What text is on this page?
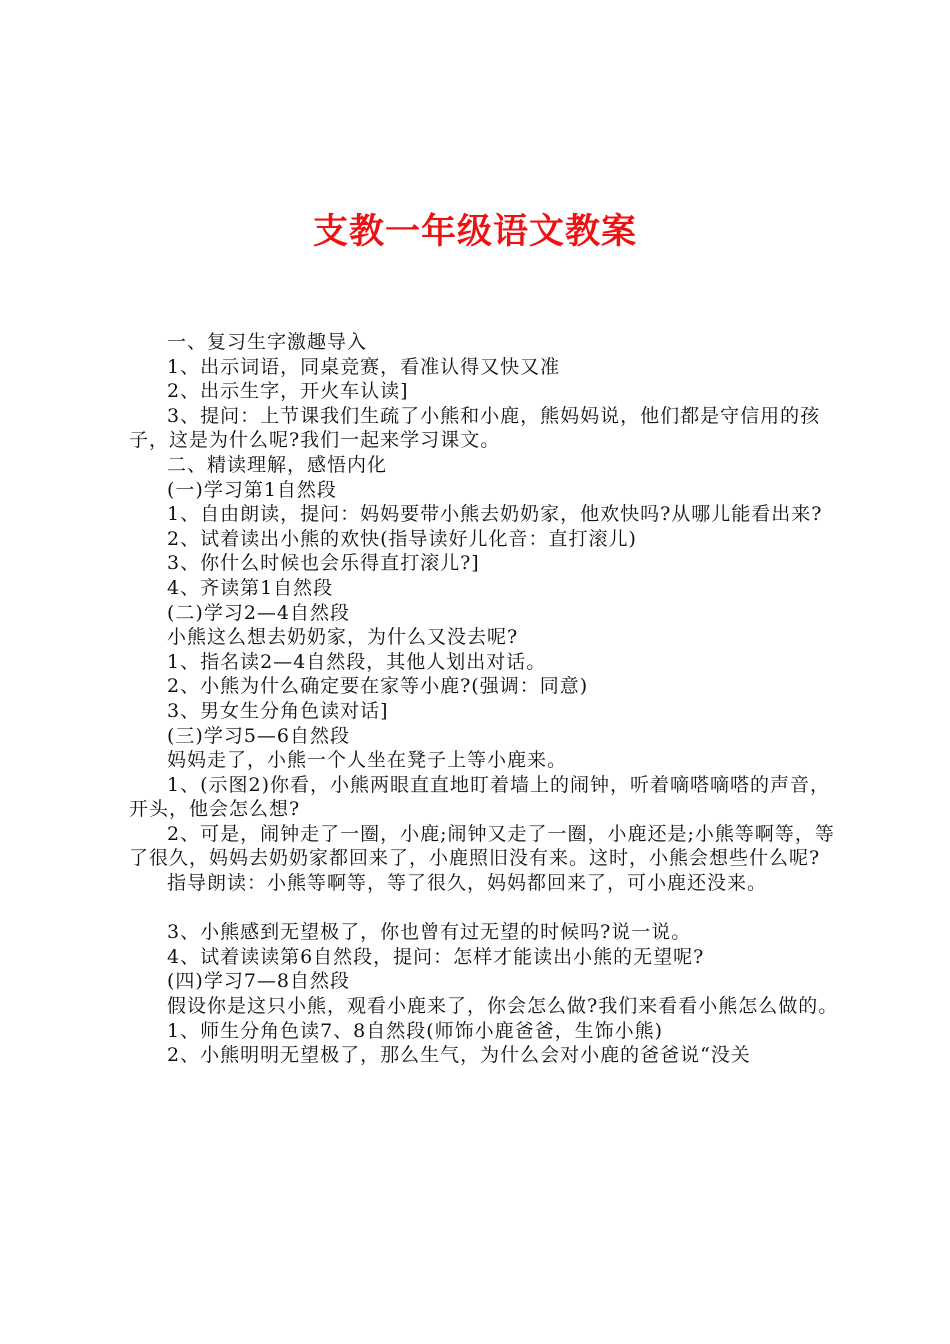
支教一年级语文教案

一、复习生字激趣导入

1、出示词语，同桌竞赛，看准认得又快又准

2、出示生字，开火车认读]

3、提问：上节课我们生疏了小熊和小鹿，熊妈妈说，他们都是守信用的孩子，这是为什么呢?我们一起来学习课文。

二、精读理解，感悟内化

(一)学习第1自然段

1、自由朗读，提问：妈妈要带小熊去奶奶家，他欢快吗?从哪儿能看出来?

2、试着读出小熊的欢快(指导读好儿化音：直打滚儿)

3、你什么时候也会乐得直打滚儿?]

4、齐读第1自然段

(二)学习2—4自然段

小熊这么想去奶奶家，为什么又没去呢?

1、指名读2—4自然段，其他人划出对话。

2、小熊为什么确定要在家等小鹿?(强调：同意)

3、男女生分角色读对话]

(三)学习5—6自然段

妈妈走了，小熊一个人坐在凳子上等小鹿来。

1、(示图2)你看，小熊两眼直直地盯着墙上的闹钟，听着嘀嗒嘀嗒的声音，开头，他会怎么想?

2、可是，闹钟走了一圈，小鹿;闹钟又走了一圈，小鹿还是;小熊等啊等，等了很久，妈妈去奶奶家都回来了，小鹿照旧没有来。这时，小熊会想些什么呢?

指导朗读：小熊等啊等，等了很久，妈妈都回来了，可小鹿还没来。

3、小熊感到无望极了，你也曾有过无望的时候吗?说一说。

4、试着读读第6自然段，提问：怎样才能读出小熊的无望呢?

(四)学习7—8自然段

假设你是这只小熊，观看小鹿来了，你会怎么做?我们来看看小熊怎么做的。

1、师生分角色读7、8自然段(师饰小鹿爸爸，生饰小熊)

2、小熊明明无望极了，那么生气，为什么会对小鹿的爸爸说“没关
